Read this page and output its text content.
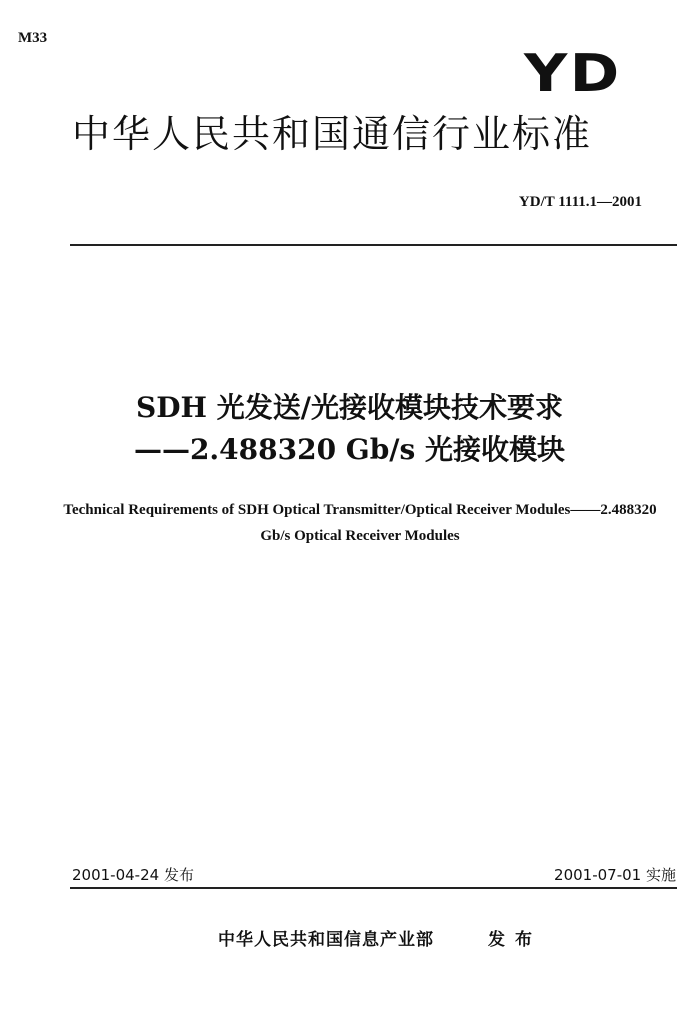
M33
YD
中华人民共和国通信行业标准
YD/T 1111.1—2001
SDH 光发送/光接收模块技术要求
——2.488320 Gb/s 光接收模块
Technical Requirements of SDH Optical Transmitter/Optical Receiver Modules——2.488320 Gb/s Optical Receiver Modules
2001-04-24 发布	2001-07-01 实施
中华人民共和国信息产业部	发布
